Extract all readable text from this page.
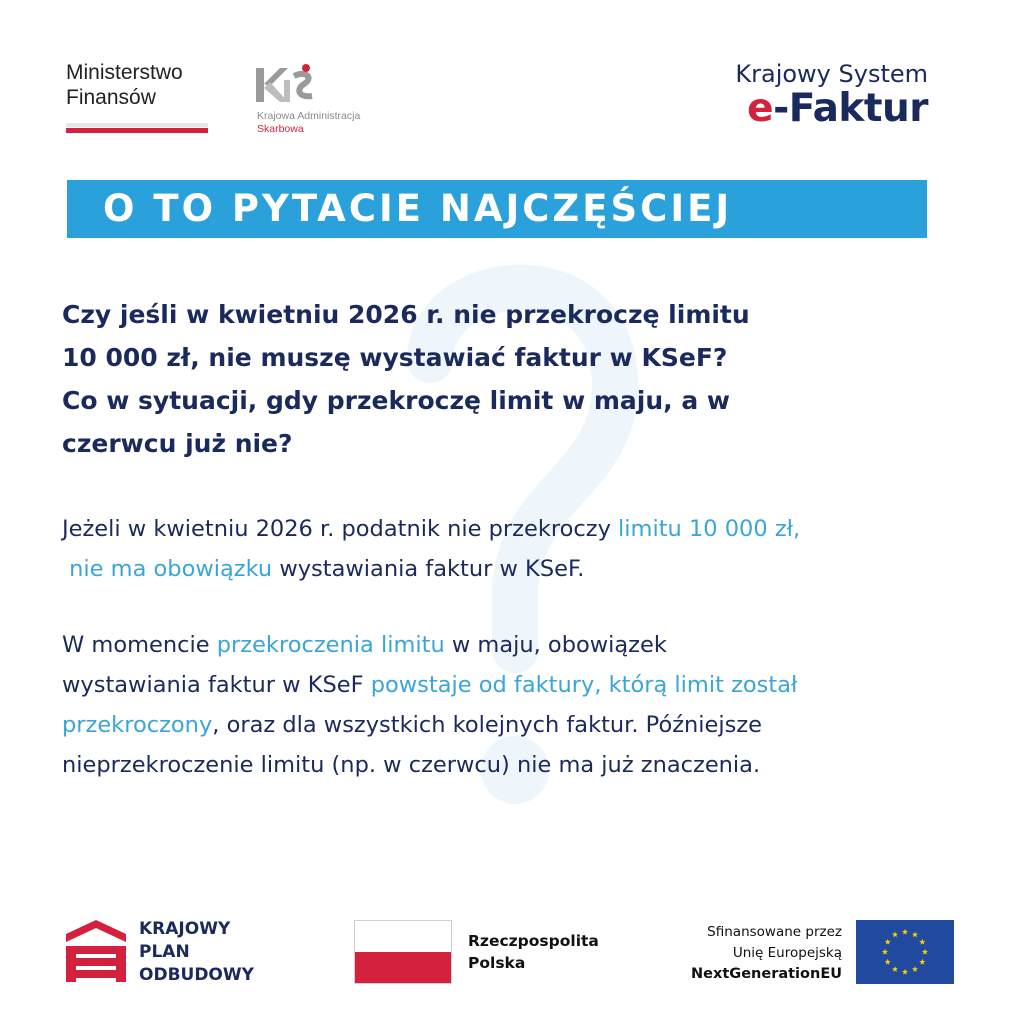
Ministerstwo
Finansów
Krajowa Administracja
Skarbowa
Krajowy System
e-Faktur
O TO PYTACIE NAJCZĘŚCIEJ
Czy jeśli w kwietniu 2026 r. nie przekroczę limitu
10 000 zł, nie muszę wystawiać faktur w KSeF?
Co w sytuacji, gdy przekroczę limit w maju, a w
czerwcu już nie?
Jeżeli w kwietniu 2026 r. podatnik nie przekroczy limitu 10 000 zł,
nie ma obowiązku wystawiania faktur w KSeF.
W momencie przekroczenia limitu w maju, obowiązek
wystawiania faktur w KSeF powstaje od faktury, którą limit został
przekroczony, oraz dla wszystkich kolejnych faktur. Późniejsze
nieprzekroczenie limitu (np. w czerwcu) nie ma już znaczenia.
KRAJOWY
PLAN
ODBUDOWY
Rzeczpospolita
Polska
Sfinansowane przez
Unię Europejską
NextGenerationEU
